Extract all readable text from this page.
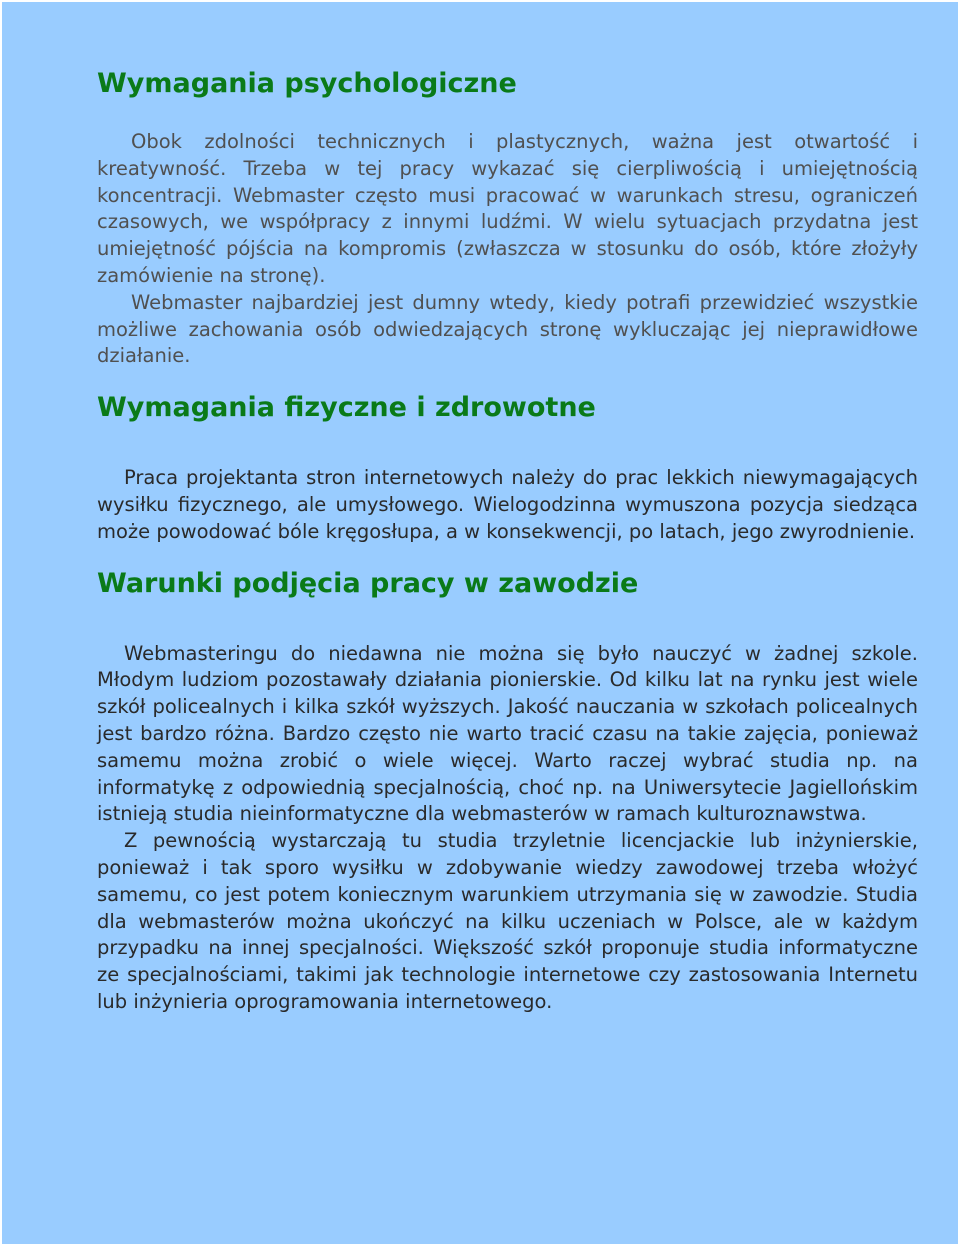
Wymagania psychologiczne

Obok zdolności technicznych i plastycznych, ważna jest otwartość i kreatywność. Trzeba w tej pracy wykazać się cierpliwością i umiejętnością koncentracji. Webmaster często musi pracować w warunkach stresu, ograniczeń czasowych, we współpracy z innymi ludźmi. W wielu sytuacjach przydatna jest umiejętność pójścia na kompromis (zwłaszcza w stosunku do osób, które złożyły zamówienie na stronę).

Webmaster najbardziej jest dumny wtedy, kiedy potrafi przewidzieć wszystkie możliwe zachowania osób odwiedzających stronę wykluczając jej nieprawidłowe działanie.

Wymagania fizyczne i zdrowotne

Praca projektanta stron internetowych należy do prac lekkich niewymagających wysiłku fizycznego, ale umysłowego. Wielogodzinna wymuszona pozycja siedząca może powodować bóle kręgosłupa, a w konsekwencji, po latach, jego zwyrodnienie.

Warunki podjęcia pracy w zawodzie

Webmasteringu do niedawna nie można się było nauczyć w żadnej szkole. Młodym ludziom pozostawały działania pionierskie. Od kilku lat na rynku jest wiele szkół policealnych i kilka szkół wyższych. Jakość nauczania w szkołach policealnych jest bardzo różna. Bardzo często nie warto tracić czasu na takie zajęcia, ponieważ samemu można zrobić o wiele więcej. Warto raczej wybrać studia np. na informatykę z odpowiednią specjalnością, choć np. na Uniwersytecie Jagiellońskim istnieją studia nieinformatyczne dla webmasterów w ramach kulturoznawstwa.

Z pewnością wystarczają tu studia trzyletnie licencjackie lub inżynierskie, ponieważ i tak sporo wysiłku w zdobywanie wiedzy zawodowej trzeba włożyć samemu, co jest potem koniecznym warunkiem utrzymania się w zawodzie. Studia dla webmasterów można ukończyć na kilku uczeniach w Polsce, ale w każdym przypadku na innej specjalności. Większość szkół proponuje studia informatyczne ze specjalnościami, takimi jak technologie internetowe czy zastosowania Internetu lub inżynieria oprogramowania internetowego.
